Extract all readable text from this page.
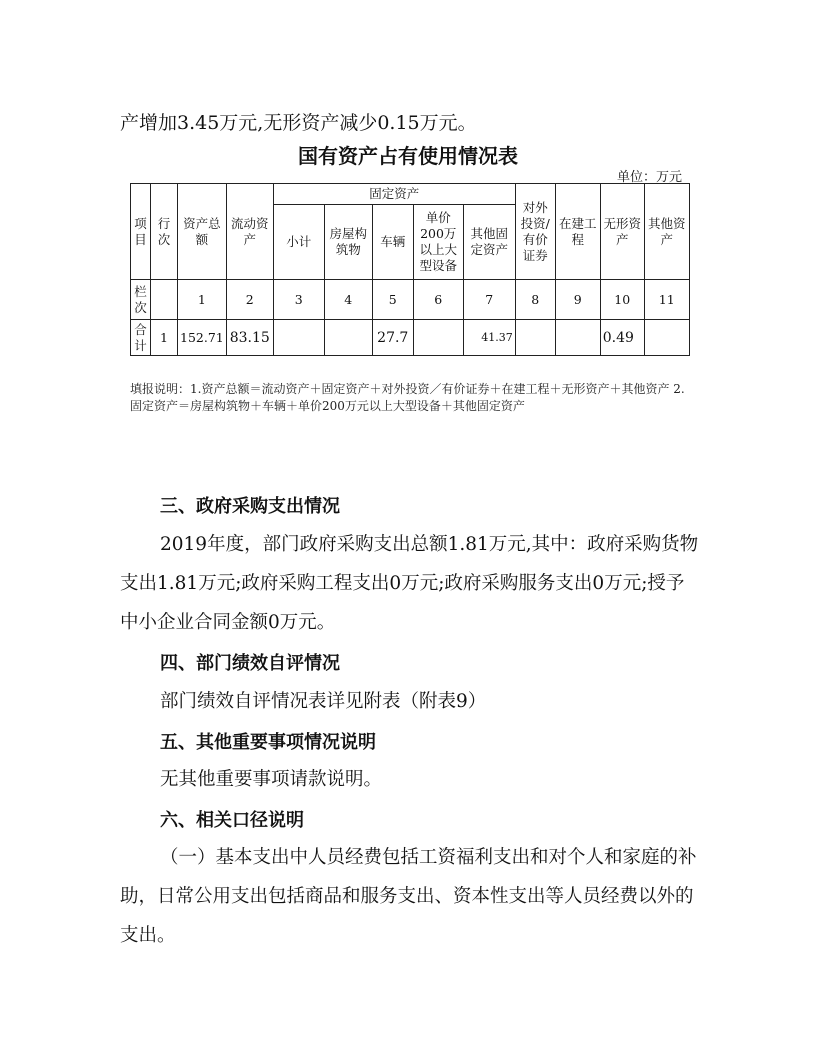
产增加3.45万元,无形资产减少0.15万元。
国有资产占有使用情况表
单位：万元
项目	行次	资产总额	流动资产	固定资产					对外投资/有价证券	在建工程	无形资产	其他资产
				小计	房屋构筑物	车辆	单价200万以上大型设备	其他固定资产				
栏次		1	2	3	4	5	6	7	8	9	10	11
合计	1	152.71	83.15			27.7		41.37			0.49	
填报说明：1.资产总额＝流动资产＋固定资产＋对外投资／有价证券＋在建工程＋无形资产＋其他资产 2.固定资产＝房屋构筑物＋车辆＋单价200万元以上大型设备＋其他固定资产
三、政府采购支出情况
2019年度，部门政府采购支出总额1.81万元,其中：政府采购货物支出1.81万元;政府采购工程支出0万元;政府采购服务支出0万元;授予中小企业合同金额0万元。
四、部门绩效自评情况
部门绩效自评情况表详见附表（附表9）
五、其他重要事项情况说明
无其他重要事项请款说明。
六、相关口径说明
（一）基本支出中人员经费包括工资福利支出和对个人和家庭的补助，日常公用支出包括商品和服务支出、资本性支出等人员经费以外的支出。
